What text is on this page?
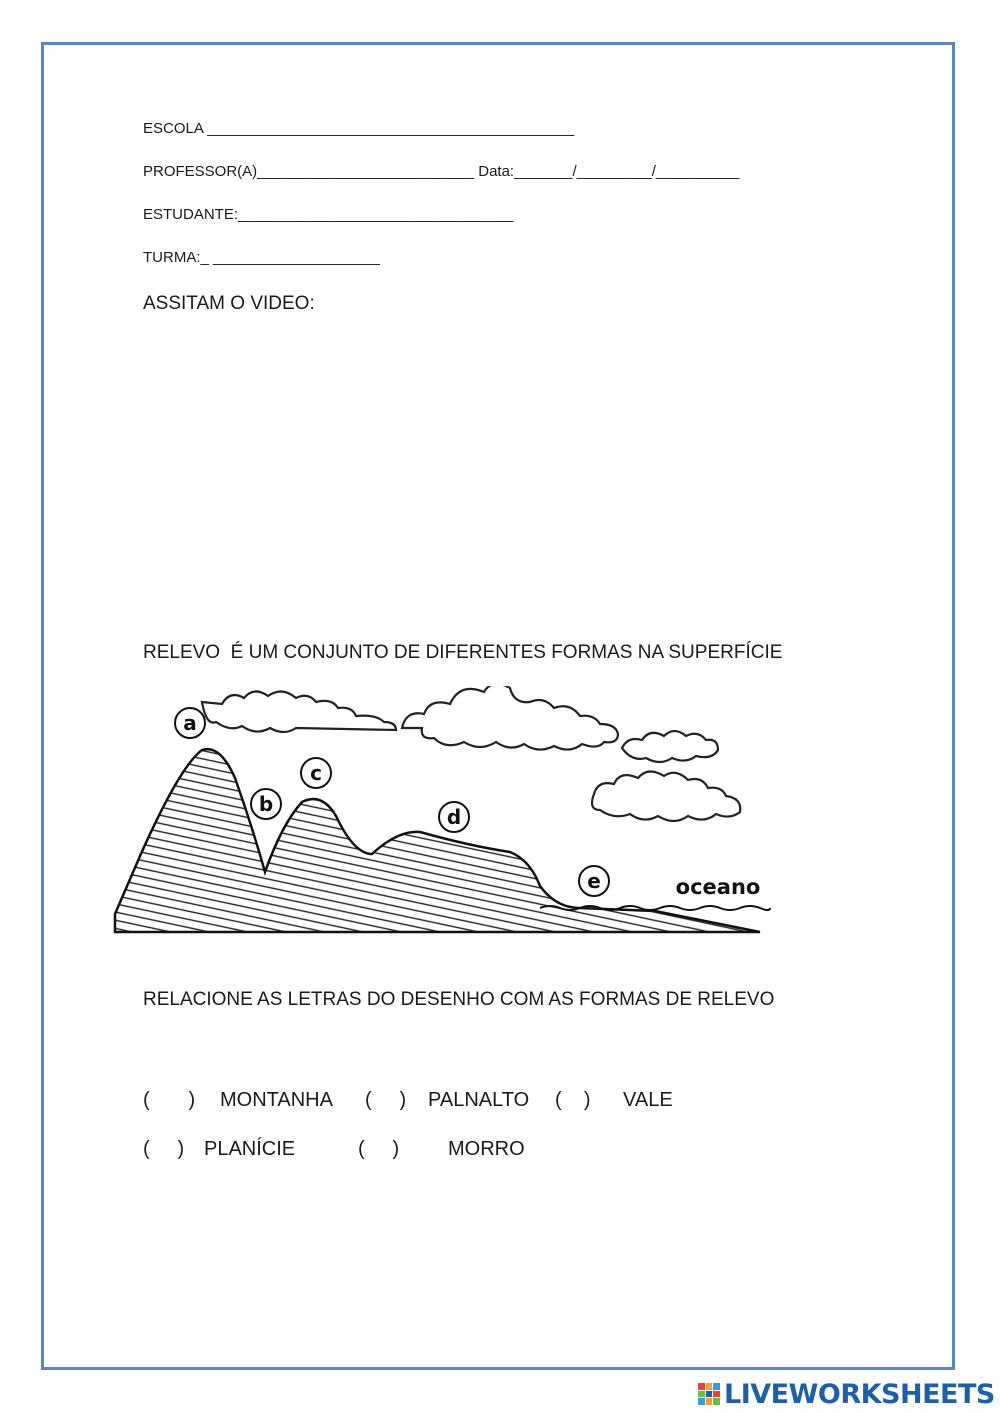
ESCOLA ____________________________________________
PROFESSOR(A)__________________________ Data:_______/_________/__________
ESTUDANTE:_________________________________
TURMA:_ ____________________
ASSITAM O VIDEO:
RELEVO  É UM CONJUNTO DE DIFERENTES FORMAS NA SUPERFÍCIE
a
b
c
d
e	oceano
RELACIONE AS LETRAS DO DESENHO COM AS FORMAS DE RELEVO
(       ) MONTANHA (     ) PALNALTO (    ) VALE
(     ) PLANÍCIE	(     ) MORRO
LIVEWORKSHEETS
